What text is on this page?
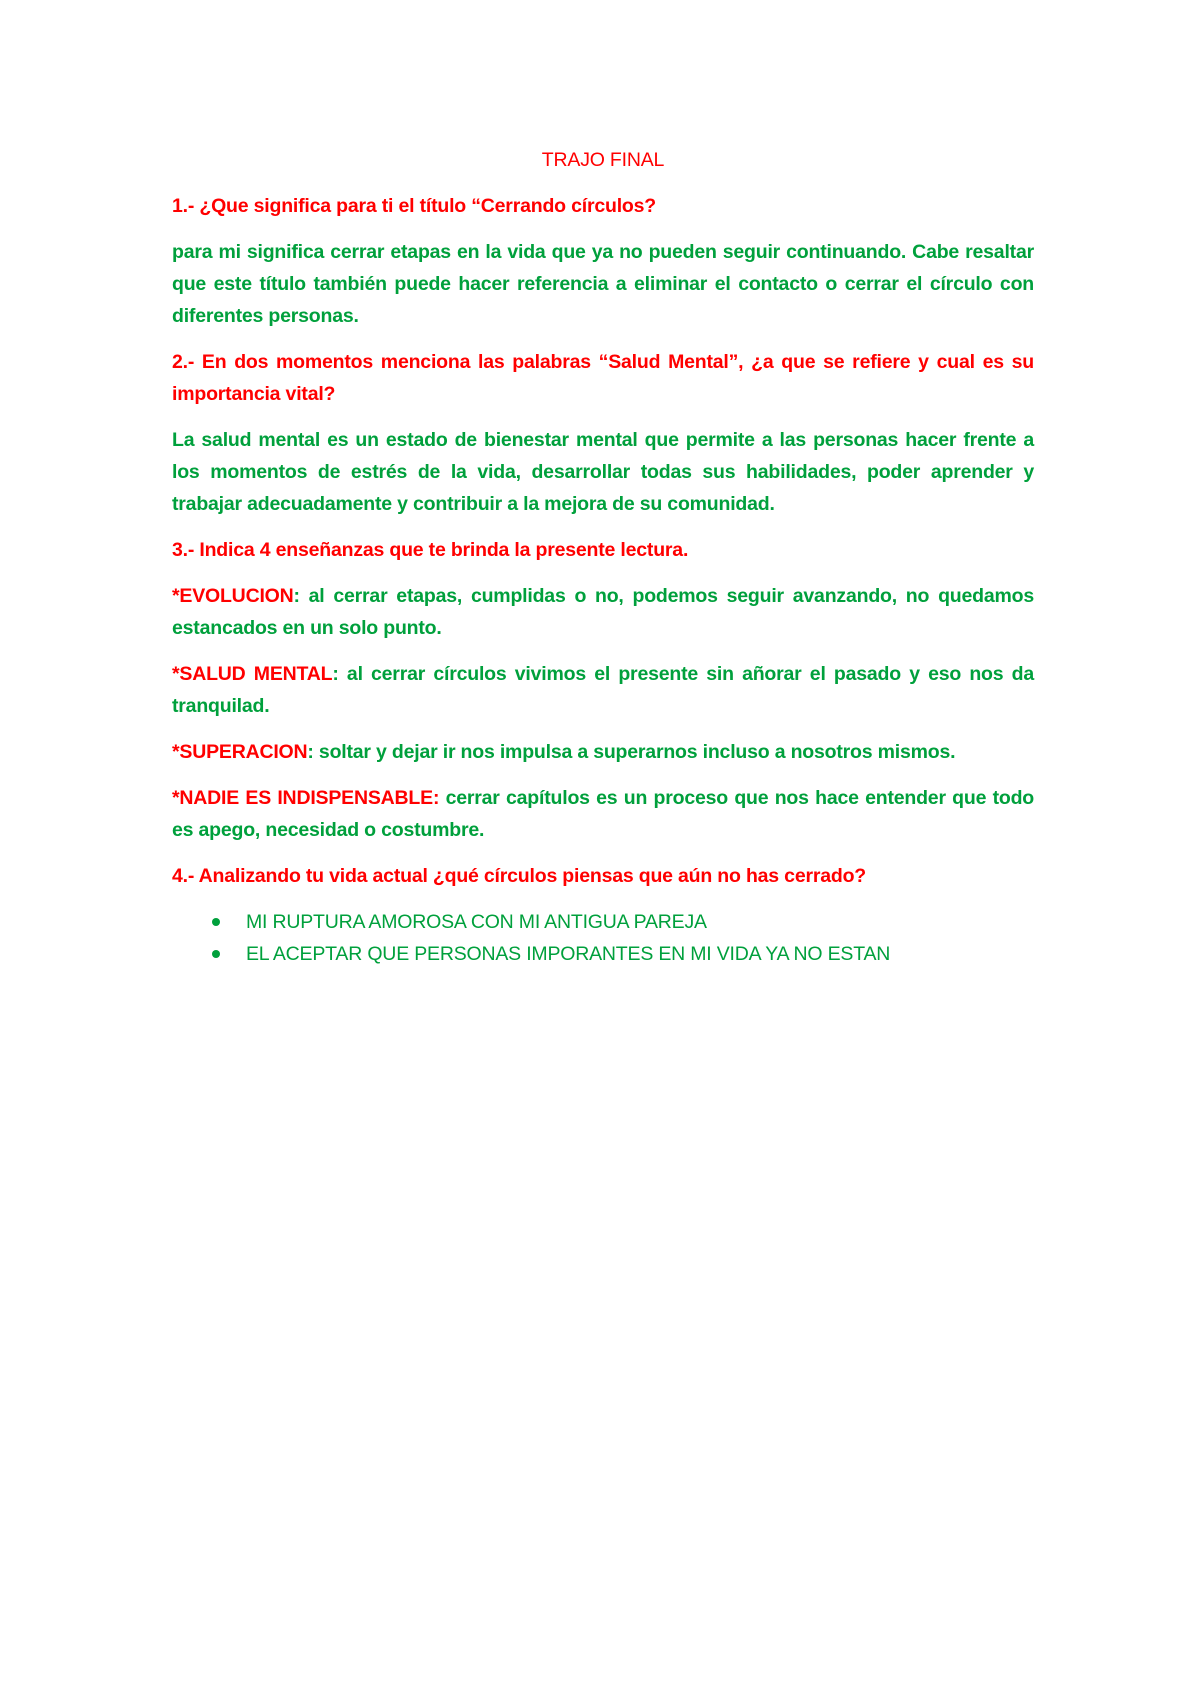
TRAJO FINAL

1.- ¿Que significa para ti el título “Cerrando círculos?

para mi significa cerrar etapas en la vida que ya no pueden seguir continuando. Cabe resaltar que este título también puede hacer referencia a eliminar el contacto o cerrar el círculo con diferentes personas.

2.- En dos momentos menciona las palabras “Salud Mental”, ¿a que se refiere y cual es su importancia vital?

La salud mental es un estado de bienestar mental que permite a las personas hacer frente a los momentos de estrés de la vida, desarrollar todas sus habilidades, poder aprender y trabajar adecuadamente y contribuir a la mejora de su comunidad.

3.- Indica 4 enseñanzas que te brinda la presente lectura.

*EVOLUCION: al cerrar etapas, cumplidas o no, podemos seguir avanzando, no quedamos estancados en un solo punto.

*SALUD MENTAL: al cerrar círculos vivimos el presente sin añorar el pasado y eso nos da tranquilad.

*SUPERACION: soltar y dejar ir nos impulsa a superarnos incluso a nosotros mismos.

*NADIE ES INDISPENSABLE: cerrar capítulos es un proceso que nos hace entender que todo es apego, necesidad o costumbre.

4.- Analizando tu vida actual ¿qué círculos piensas que aún no has cerrado?

MI RUPTURA AMOROSA CON MI ANTIGUA PAREJA
EL ACEPTAR QUE PERSONAS IMPORANTES EN MI VIDA YA NO ESTAN
